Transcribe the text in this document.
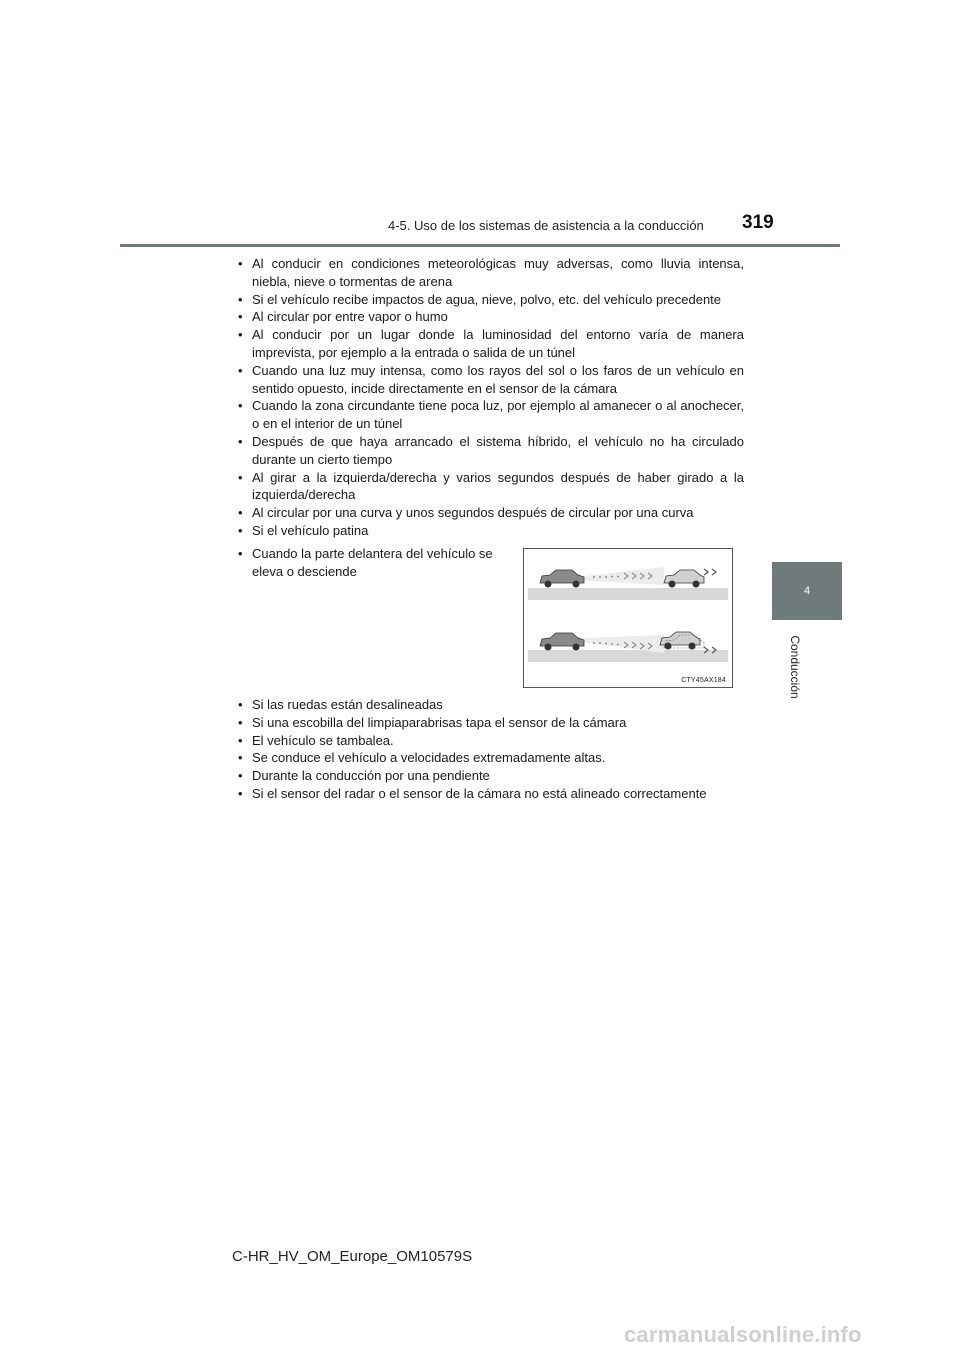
4-5. Uso de los sistemas de asistencia a la conducción 319
4
Conducción
• Al conducir en condiciones meteorológicas muy adversas, como lluvia intensa, niebla, nieve o tormentas de arena
• Si el vehículo recibe impactos de agua, nieve, polvo, etc. del vehículo precedente
• Al circular por entre vapor o humo
• Al conducir por un lugar donde la luminosidad del entorno varía de manera imprevista, por ejemplo a la entrada o salida de un túnel
• Cuando una luz muy intensa, como los rayos del sol o los faros de un vehículo en sentido opuesto, incide directamente en el sensor de la cámara
• Cuando la zona circundante tiene poca luz, por ejemplo al amanecer o al anochecer, o en el interior de un túnel
• Después de que haya arrancado el sistema híbrido, el vehículo no ha circulado durante un cierto tiempo
• Al girar a la izquierda/derecha y varios segundos después de haber girado a la izquierda/derecha
• Al circular por una curva y unos segundos después de circular por una curva
• Si el vehículo patina
• Cuando la parte delantera del vehículo se eleva o desciende
CTY45AX184
• Si las ruedas están desalineadas
• Si una escobilla del limpiaparabrisas tapa el sensor de la cámara
• El vehículo se tambalea.
• Se conduce el vehículo a velocidades extremadamente altas.
• Durante la conducción por una pendiente
• Si el sensor del radar o el sensor de la cámara no está alineado correctamente
C-HR_HV_OM_Europe_OM10579S
carmanualsonline.info
